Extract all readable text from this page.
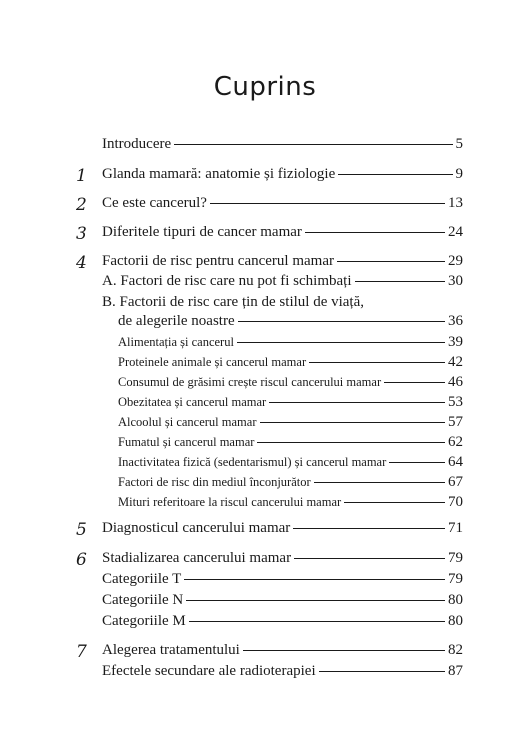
Cuprins
Introducere	5
1	Glanda mamară: anatomie și fiziologie	9
2	Ce este cancerul?	13
3	Diferitele tipuri de cancer mamar	24
4	Factorii de risc pentru cancerul mamar	29
A. Factori de risc care nu pot fi schimbați	30
B. Factorii de risc care țin de stilul de viață,
de alegerile noastre	36
Alimentația și cancerul	39
Proteinele animale și cancerul mamar	42
Consumul de grăsimi crește riscul cancerului mamar	46
Obezitatea și cancerul mamar	53
Alcoolul și cancerul mamar	57
Fumatul și cancerul mamar	62
Inactivitatea fizică (sedentarismul) și cancerul mamar	64
Factori de risc din mediul înconjurător	67
Mituri referitoare la riscul cancerului mamar	70
5	Diagnosticul cancerului mamar	71
6	Stadializarea cancerului mamar	79
Categoriile T	79
Categoriile N	80
Categoriile M	80
7	Alegerea tratamentului	82
Efectele secundare ale radioterapiei	87
